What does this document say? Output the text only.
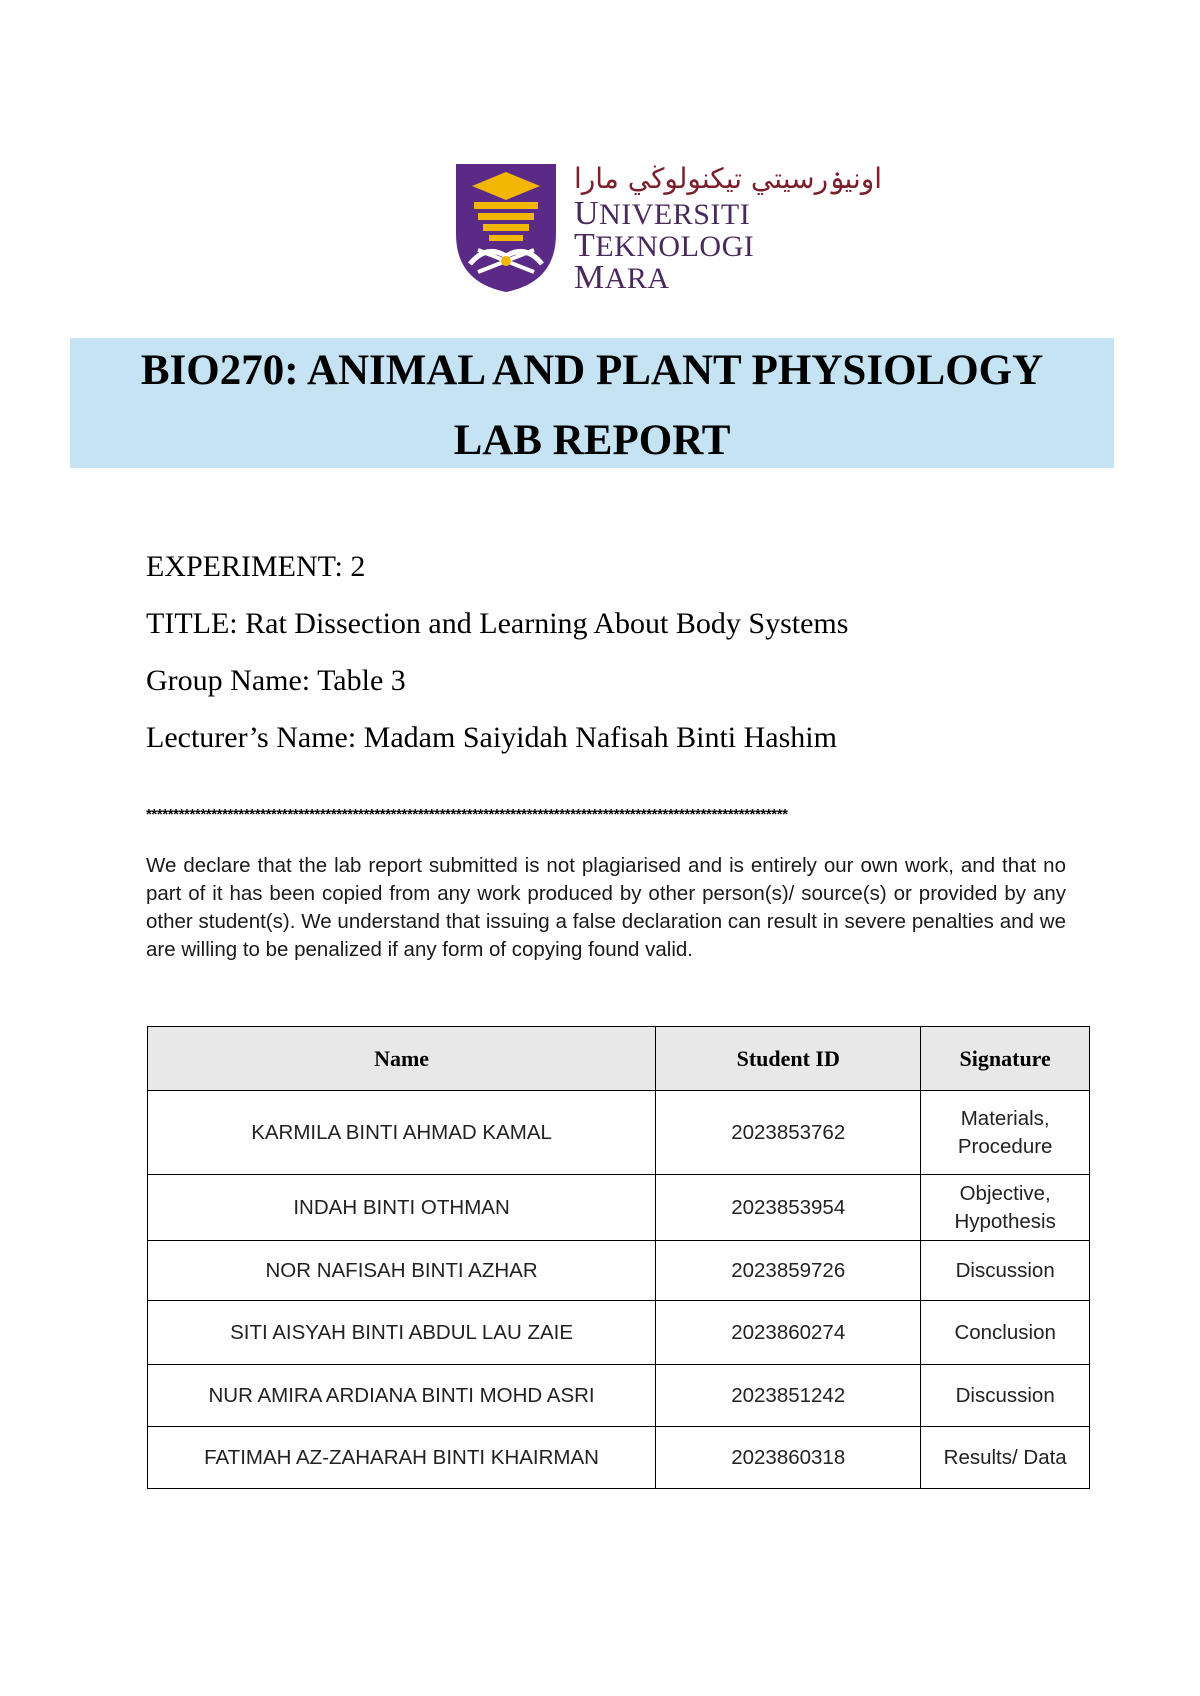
اونيۏرسيتي تيكنولوڬي مارا
UNIVERSITI
TEKNOLOGI
MARA
BIO270: ANIMAL AND PLANT PHYSIOLOGY
LAB REPORT
EXPERIMENT: 2
TITLE: Rat Dissection and Learning About Body Systems
Group Name: Table 3
Lecturer’s Name: Madam Saiyidah Nafisah Binti Hashim
**********************************************************************************************************************
We declare that the lab report submitted is not plagiarised and is entirely our own work, and that no part of it has been copied from any work produced by other person(s)/ source(s) or provided by any other student(s). We understand that issuing a false declaration can result in severe penalties and we are willing to be penalized if any form of copying found valid.
Name	Student ID	Signature
KARMILA BINTI AHMAD KAMAL	2023853762	Materials,
Procedure
INDAH BINTI OTHMAN	2023853954	Objective,
Hypothesis
NOR NAFISAH BINTI AZHAR	2023859726	Discussion
SITI AISYAH BINTI ABDUL LAU ZAIE	2023860274	Conclusion
NUR AMIRA ARDIANA BINTI MOHD ASRI	2023851242	Discussion
FATIMAH AZ-ZAHARAH BINTI KHAIRMAN	2023860318	Results/ Data
